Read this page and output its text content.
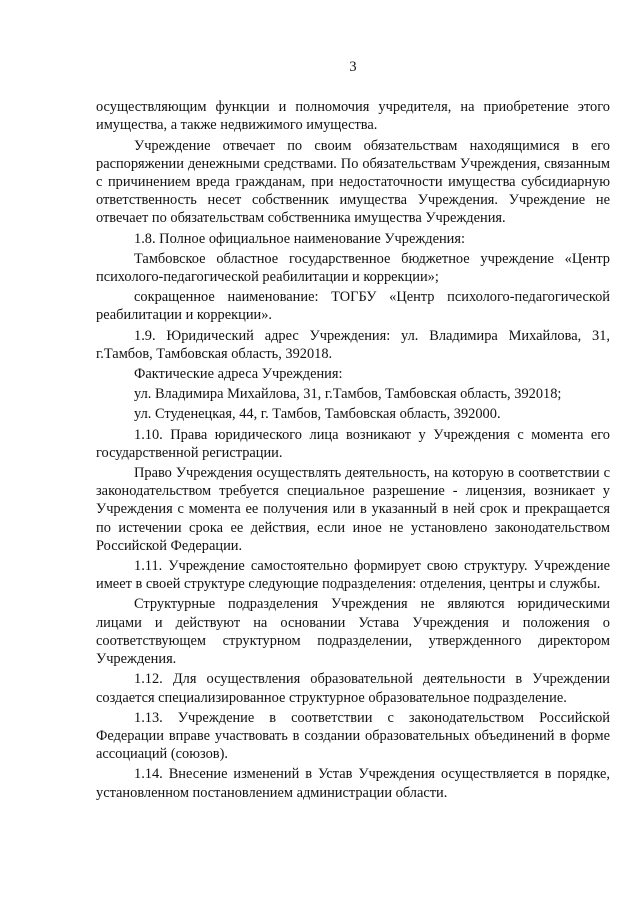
3

осуществляющим функции и полномочия учредителя, на приобретение этого имущества, а также недвижимого имущества.

Учреждение отвечает по своим обязательствам находящимися в его распоряжении денежными средствами. По обязательствам Учреждения, связанным с причинением вреда гражданам, при недостаточности имущества субсидиарную ответственность несет собственник имущества Учреждения. Учреждение не отвечает по обязательствам собственника имущества Учреждения.

1.8. Полное официальное наименование Учреждения:

Тамбовское областное государственное бюджетное учреждение «Центр психолого-педагогической реабилитации и коррекции»;

сокращенное наименование: ТОГБУ «Центр психолого-педагогической реабилитации и коррекции».

1.9. Юридический адрес Учреждения: ул. Владимира Михайлова, 31, г.Тамбов, Тамбовская область, 392018.

Фактические адреса Учреждения:

ул. Владимира Михайлова, 31, г.Тамбов, Тамбовская область, 392018;

ул. Студенецкая, 44, г. Тамбов, Тамбовская область, 392000.

1.10. Права юридического лица возникают у Учреждения с момента его государственной регистрации.

Право Учреждения осуществлять деятельность, на которую в соответствии с законодательством требуется специальное разрешение - лицензия, возникает у Учреждения с момента ее получения или в указанный в ней срок и прекращается по истечении срока ее действия, если иное не установлено законодательством Российской Федерации.

1.11. Учреждение самостоятельно формирует свою структуру. Учреждение имеет в своей структуре следующие подразделения: отделения, центры и службы.

Структурные подразделения Учреждения не являются юридическими лицами и действуют на основании Устава Учреждения и положения о соответствующем структурном подразделении, утвержденного директором Учреждения.

1.12. Для осуществления образовательной деятельности в Учреждении создается специализированное структурное образовательное подразделение.

1.13. Учреждение в соответствии с законодательством Российской Федерации вправе участвовать в создании образовательных объединений в форме ассоциаций (союзов).

1.14. Внесение изменений в Устав Учреждения осуществляется в порядке, установленном постановлением администрации области.
